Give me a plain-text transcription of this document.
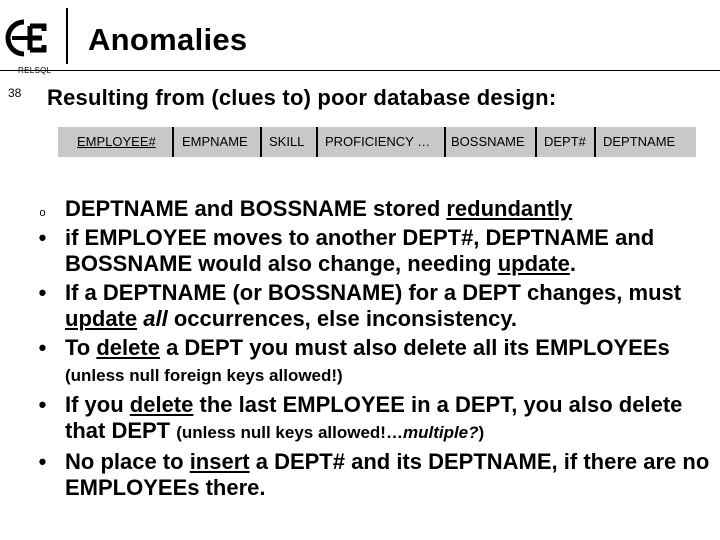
Anomalies
38 Resulting from (clues to) poor database design:
EMPLOYEE# EMPNAME SKILL PROFICIENCY … BOSSNAME DEPT# DEPTNAME
o DEPTNAME and BOSSNAME stored redundantly
• if EMPLOYEE moves to another DEPT#, DEPTNAME and BOSSNAME would also change, needing update.
• If a DEPTNAME (or BOSSNAME) for a DEPT changes, must update all occurrences, else inconsistency.
• To delete a DEPT you must also delete all its EMPLOYEEs (unless null foreign keys allowed!)
• If you delete the last EMPLOYEE in a DEPT, you also delete that DEPT (unless null keys allowed!…multiple?)
• No place to insert a DEPT# and its DEPTNAME, if there are no EMPLOYEEs there.
